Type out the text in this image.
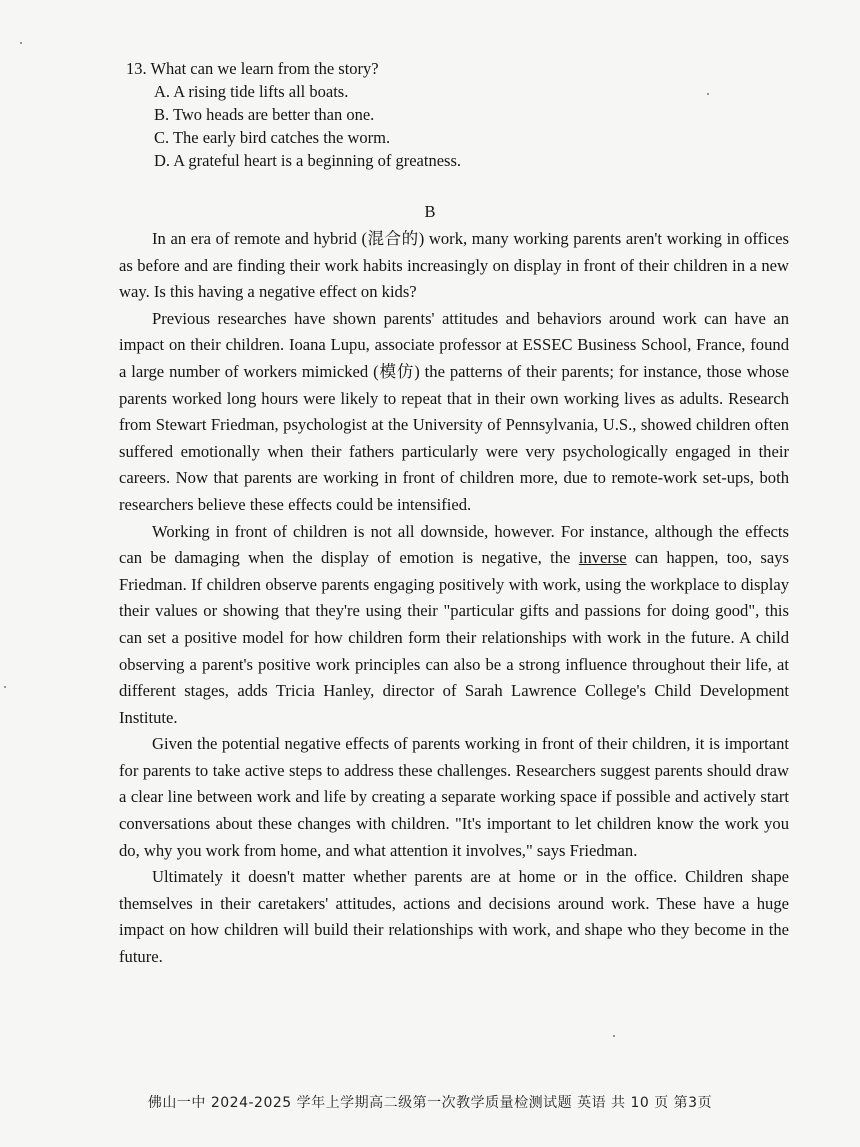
13. What can we learn from the story?

A. A rising tide lifts all boats.

B. Two heads are better than one.

C. The early bird catches the worm.

D. A grateful heart is a beginning of greatness.

B

In an era of remote and hybrid (混合的) work, many working parents aren't working in offices as before and are finding their work habits increasingly on display in front of their children in a new way. Is this having a negative effect on kids?

Previous researches have shown parents' attitudes and behaviors around work can have an impact on their children. Ioana Lupu, associate professor at ESSEC Business School, France, found a large number of workers mimicked (模仿) the patterns of their parents; for instance, those whose parents worked long hours were likely to repeat that in their own working lives as adults. Research from Stewart Friedman, psychologist at the University of Pennsylvania, U.S., showed children often suffered emotionally when their fathers particularly were very psychologically engaged in their careers. Now that parents are working in front of children more, due to remote-work set-ups, both researchers believe these effects could be intensified.

Working in front of children is not all downside, however. For instance, although the effects can be damaging when the display of emotion is negative, the inverse can happen, too, says Friedman. If children observe parents engaging positively with work, using the workplace to display their values or showing that they're using their "particular gifts and passions for doing good", this can set a positive model for how children form their relationships with work in the future. A child observing a parent's positive work principles can also be a strong influence throughout their life, at different stages, adds Tricia Hanley, director of Sarah Lawrence College's Child Development Institute.

Given the potential negative effects of parents working in front of their children, it is important for parents to take active steps to address these challenges. Researchers suggest parents should draw a clear line between work and life by creating a separate working space if possible and actively start conversations about these changes with children. "It's important to let children know the work you do, why you work from home, and what attention it involves," says Friedman.

Ultimately it doesn't matter whether parents are at home or in the office. Children shape themselves in their caretakers' attitudes, actions and decisions around work. These have a huge impact on how children will build their relationships with work, and shape who they become in the future.

佛山一中 2024-2025 学年上学期高二级第一次教学质量检测试题 英语 共 10 页 第3页
